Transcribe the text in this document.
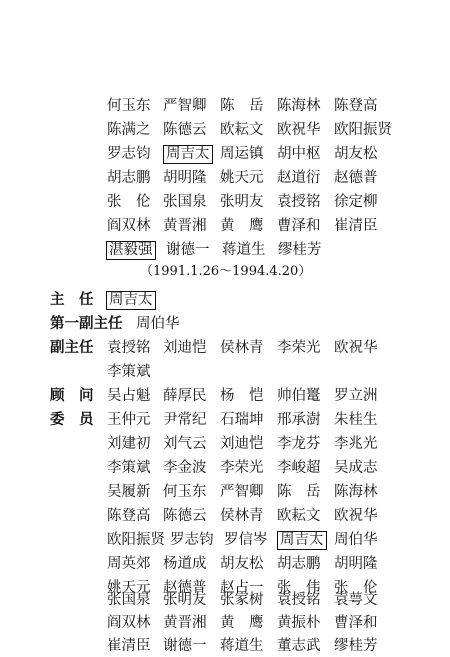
何玉东 严智卿 陈　岳 陈海林 陈登高
陈满之 陈德云 欧耘文 欧祝华 欧阳振贤
罗志钧 周吉太 周运镇 胡中枢 胡友松
胡志鹏 胡明隆 姚天元 赵道衍 赵德普
张　伦 张国泉 张明友 袁授铭 徐定柳
阎双林 黄晋湘 黄　鹰 曹泽和 崔清臣
湛毅强 谢德一 蒋道生 缪桂芳
（1991.1.26～1994.4.20）
主　任 周吉太
第一副主任 周伯华
副主任 袁授铭 刘迪恺 侯林青 李荣光 欧祝华
李策斌
顾　问 吴占魁 薛厚民 杨　恺 帅伯鼍 罗立洲
委　员 王仲元 尹常纪 石瑞坤 邢承澍 朱桂生
刘建初 刘气云 刘迪恺 李龙芬 李兆光
李策斌 李金波 李荣光 李峻超 吴成志
吴履新 何玉东 严智卿 陈　岳 陈海林
陈登高 陈德云 侯林青 欧耘文 欧祝华
欧阳振贤 罗志钧 罗信岑 周吉太 周伯华
周英郊 杨道成 胡友松 胡志鹏 胡明隆
姚天元 赵德普 赵占一 张　伟 张　伦
张国泉 张明友 张家树 袁授铭 袁萼文
阎双林 黄晋湘 黄　鹰 黄振朴 曹泽和
崔清臣 谢德一 蒋道生 董志武 缪桂芳
